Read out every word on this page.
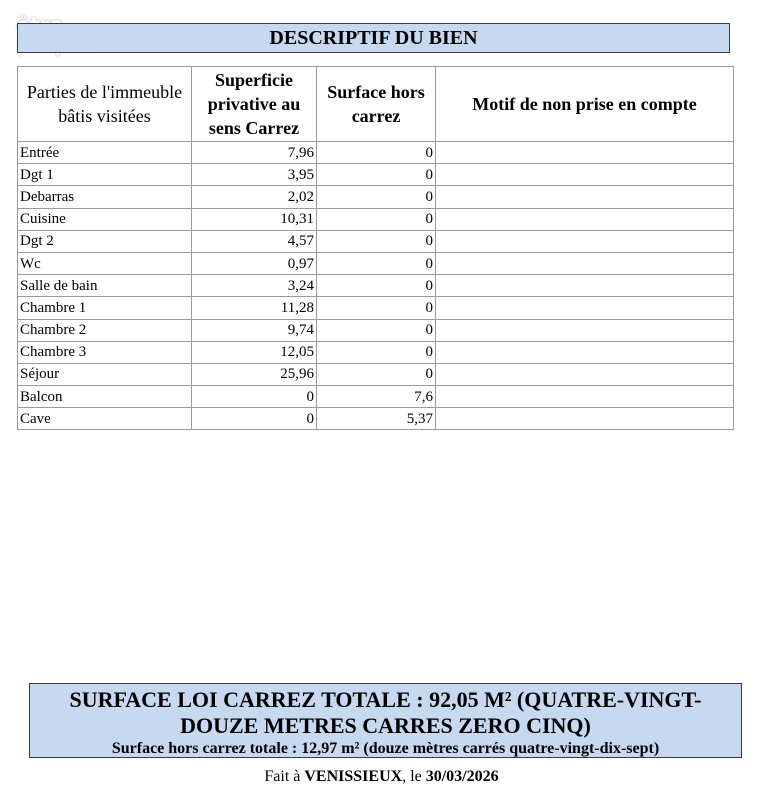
DESCRIPTIF DU BIEN
Parties de l'immeuble bâtis visitées	Superficie privative au sens Carrez	Surface hors carrez	Motif de non prise en compte
Entrée	7,96	0	
Dgt 1	3,95	0	
Debarras	2,02	0	
Cuisine	10,31	0	
Dgt 2	4,57	0	
Wc	0,97	0	
Salle de bain	3,24	0	
Chambre 1	11,28	0	
Chambre 2	9,74	0	
Chambre 3	12,05	0	
Séjour	25,96	0	
Balcon	0	7,6	
Cave	0	5,37	
SURFACE LOI CARREZ TOTALE : 92,05 M² (QUATRE-VINGT-DOUZE METRES CARRES ZERO CINQ)
Surface hors carrez totale : 12,97 m² (douze mètres carrés quatre-vingt-dix-sept)
Fait à VENISSIEUX, le 30/03/2026
